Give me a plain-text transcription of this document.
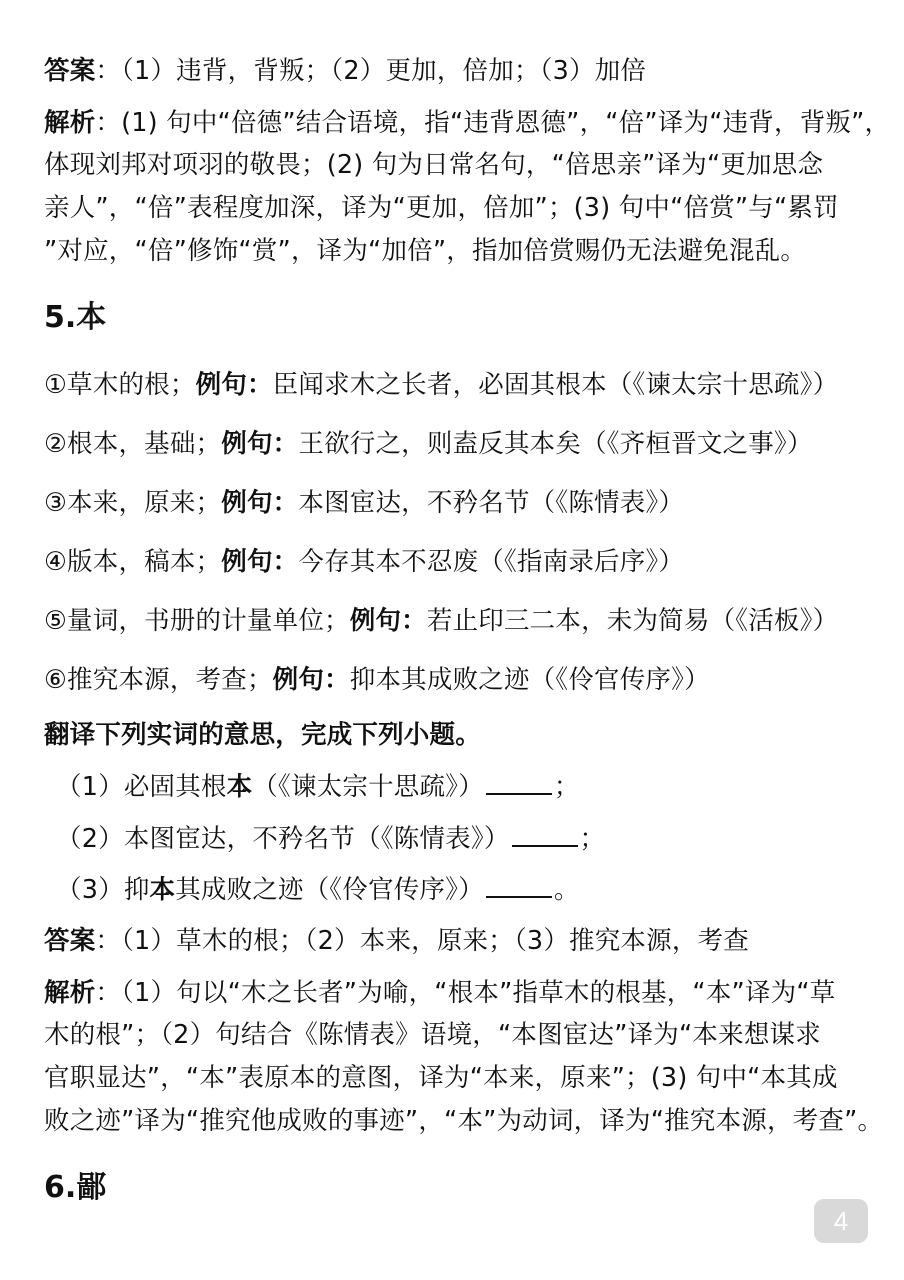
答案：（1）违背，背叛；（2）更加，倍加；（3）加倍
解析：(1) 句中“倍德”结合语境，指“违背恩德”，“倍”译为“违背，背叛”，
体现刘邦对项羽的敬畏；(2) 句为日常名句，“倍思亲”译为“更加思念
亲人”，“倍”表程度加深，译为“更加，倍加”；(3) 句中“倍赏”与“累罚
”对应，“倍”修饰“赏”，译为“加倍”，指加倍赏赐仍无法避免混乱。
5.本
①草木的根；例句：臣闻求木之长者，必固其根本（《谏太宗十思疏》）
②根本，基础；例句：王欲行之，则盍反其本矣（《齐桓晋文之事》）
③本来，原来；例句：本图宦达，不矜名节（《陈情表》）
④版本，稿本；例句：今存其本不忍废（《指南录后序》）
⑤量词，书册的计量单位；例句：若止印三二本，未为简易（《活板》）
⑥推究本源，考查；例句：抑本其成败之迹（《伶官传序》）
翻译下列实词的意思，完成下列小题。
（1）必固其根本（《谏太宗十思疏》）	；
（2）本图宦达，不矜名节（《陈情表》）	；
（3）抑本其成败之迹（《伶官传序》）	。
答案：（1）草木的根；（2）本来，原来；（3）推究本源，考查
解析：（1）句以“木之长者”为喻，“根本”指草木的根基，“本”译为“草
木的根”；（2）句结合《陈情表》语境，“本图宦达”译为“本来想谋求
官职显达”，“本”表原本的意图，译为“本来，原来”；(3) 句中“本其成
败之迹”译为“推究他成败的事迹”，“本”为动词，译为“推究本源，考查”。
6.鄙
4
